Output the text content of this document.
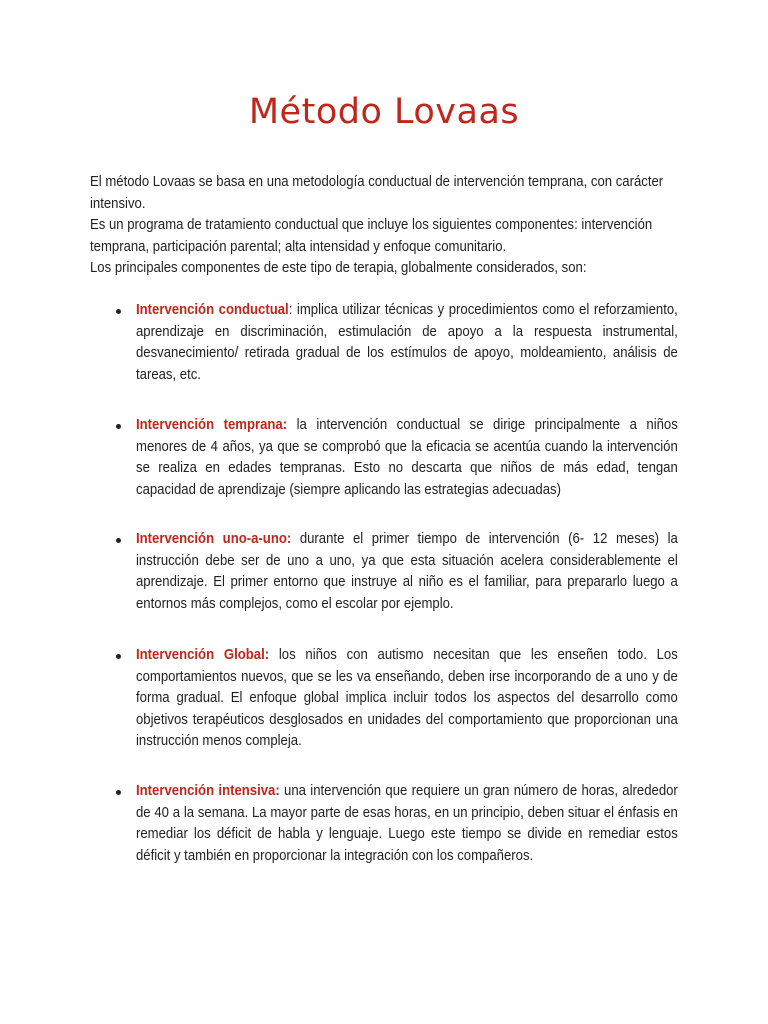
Método Lovaas

El método Lovaas se basa en una metodología conductual de intervención temprana, con carácter intensivo.

Es un programa de tratamiento conductual que incluye los siguientes componentes: intervención temprana, participación parental; alta intensidad y enfoque comunitario.

Los principales componentes de este tipo de terapia, globalmente considerados, son:

Intervención conductual: implica utilizar técnicas y procedimientos como el reforzamiento, aprendizaje en discriminación, estimulación de apoyo a la respuesta instrumental, desvanecimiento/ retirada gradual de los estímulos de apoyo, moldeamiento, análisis de tareas, etc.
Intervención temprana: la intervención conductual se dirige principalmente a niños menores de 4 años, ya que se comprobó que la eficacia se acentúa cuando la intervención se realiza en edades tempranas. Esto no descarta que niños de más edad, tengan capacidad de aprendizaje (siempre aplicando las estrategias adecuadas)
Intervención uno-a-uno: durante el primer tiempo de intervención (6- 12 meses) la instrucción debe ser de uno a uno, ya que esta situación acelera considerablemente el aprendizaje. El primer entorno que instruye al niño es el familiar, para prepararlo luego a entornos más complejos, como el escolar por ejemplo.
Intervención Global: los niños con autismo necesitan que les enseñen todo. Los comportamientos nuevos, que se les va enseñando, deben irse incorporando de a uno y de forma gradual. El enfoque global implica incluir todos los aspectos del desarrollo como objetivos terapéuticos desglosados en unidades del comportamiento que proporcionan una instrucción menos compleja.
Intervención intensiva: una intervención que requiere un gran número de horas, alrededor de 40 a la semana. La mayor parte de esas horas, en un principio, deben situar el énfasis en remediar los déficit de habla y lenguaje. Luego este tiempo se divide en remediar estos déficit y también en proporcionar la integración con los compañeros.
